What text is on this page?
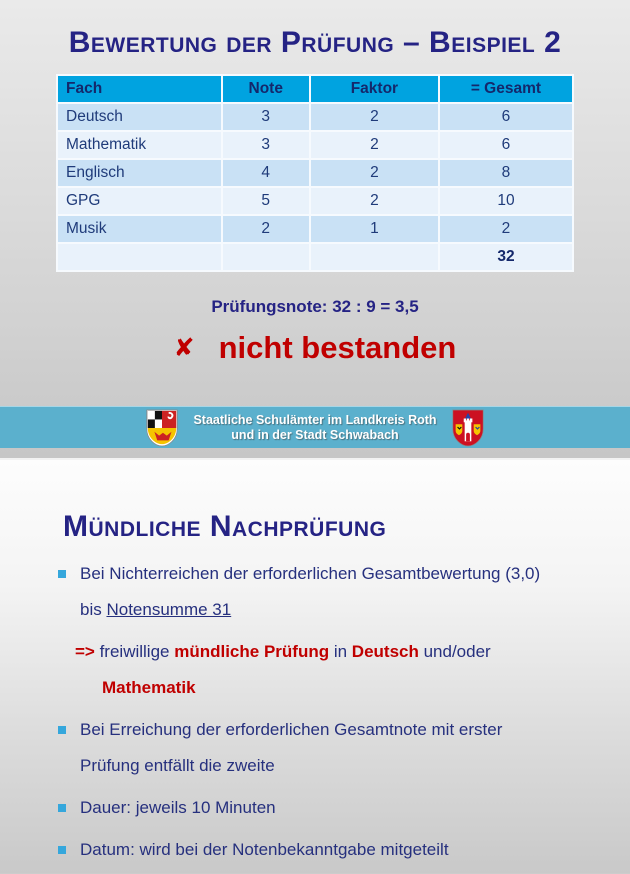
Bewertung der Prüfung – Beispiel 2
Fach	Note	Faktor	= Gesamt
Deutsch	3	2	6
Mathematik	3	2	6
Englisch	4	2	8
GPG	5	2	10
Musik	2	1	2
			32
Prüfungsnote: 32 : 9 = 3,5
✘ nicht bestanden
Staatliche Schulämter im Landkreis Roth
und in der Stadt Schwabach
Mündliche Nachprüfung
Bei Nichterreichen der erforderlichen Gesamtbewertung (3,0) bis Notensumme 31
=> freiwillige mündliche Prüfung in Deutsch und/oder
Mathematik
Bei Erreichung der erforderlichen Gesamtnote mit erster Prüfung entfällt die zweite
Dauer: jeweils 10 Minuten
Datum: wird bei der Notenbekanntgabe mitgeteilt
